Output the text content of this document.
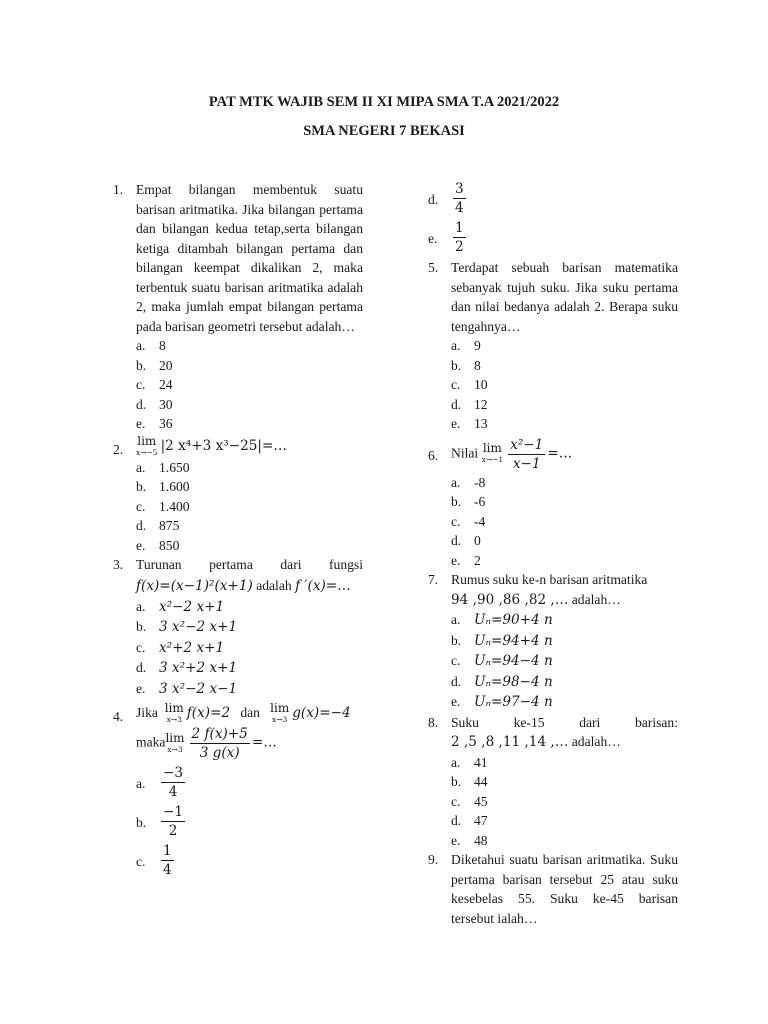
PAT MTK WAJIB SEM II XI MIPA SMA T.A 2021/2022
SMA NEGERI 7 BEKASI
1. Empat bilangan membentuk suatu barisan aritmatika. Jika bilangan pertama dan bilangan kedua tetap,serta bilangan ketiga ditambah bilangan pertama dan bilangan keempat dikalikan 2, maka terbentuk suatu barisan aritmatika adalah 2, maka jumlah empat bilangan pertama pada barisan geometri tersebut adalah…
a. 8
b. 20
c. 24
d. 30
e. 36
2.
lim
x→−5 |2 x⁴+3 x³−25|=…
a. 1.650
b. 1.600
c. 1.400
d. 875
e. 850
3. Turunan pertama dari fungsi
f(x)=(x−1)²(x+1) adalah f ′(x)=…
a. x²−2 x+1
b. 3 x²−2 x+1
c. x²+2 x+1
d. 3 x²+2 x+1
e. 3 x²−2 x−1
4. Jika lim
x→3 f(x)=2 dan lim
x→3 g(x)=−4
maka lim
$x\to 3 \frac{2 f(x)+5}{3 g(x)}$ =…
a. $\frac{-3}{4}$
b. $\frac{-1}{2}$
c. $\frac{1}{4}$
d. $\frac{3}{4}$
e. $\frac{1}{2}$
5. Terdapat sebuah barisan matematika sebanyak tujuh suku. Jika suku pertama dan nilai bedanya adalah 2. Berapa suku tengahnya…
a. 9
b. 8
c. 10
d. 12
e. 13
6. Nilai lim
$x\to-1 \frac{\text{x²−1}}{x-1}$ =…
a. -8
b. -6
c. -4
d. 0
e. 2
7. Rumus suku ke-n barisan aritmatika
94 ,90 ,86 ,82 ,… adalah…
a. Uₙ=90+4 n
b. Uₙ=94+4 n
c. Uₙ=94−4 n
d. Uₙ=98−4 n
e. Uₙ=97−4 n
8. Suku ke-15 dari barisan:
2 ,5 ,8 ,11 ,14 ,… adalah…
a. 41
b. 44
c. 45
d. 47
e. 48
9. Diketahui suatu barisan aritmatika. Suku pertama barisan tersebut 25 atau suku kesebelas 55. Suku ke-45 barisan tersebut ialah…
